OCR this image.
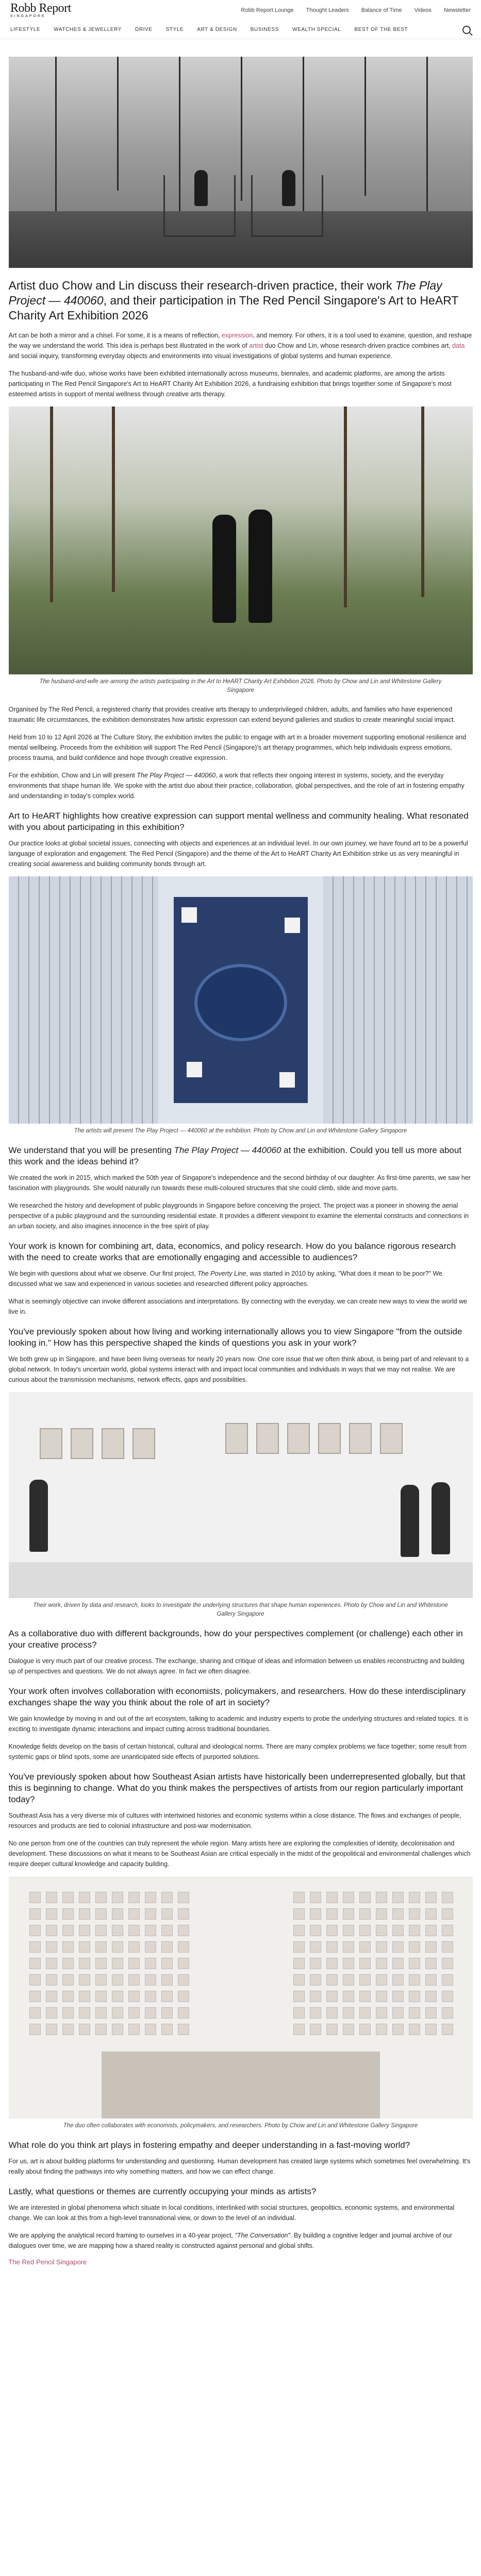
Robb Report
SINGAPORE
Robb Report Lounge Thought Leaders Balance of Time Videos Newsletter
LIFESTYLE	WATCHES & JEWELLERY	DRIVE	STYLE	ART & DESIGN	BUSINESS	WEALTH SPECIAL	BEST OF THE BEST
Artist duo Chow and Lin discuss their research-driven practice, their work The Play Project — 440060, and their participation in The Red Pencil Singapore's Art to HeART Charity Art Exhibition 2026

Art can be both a mirror and a chisel. For some, it is a means of reflection, expression, and memory. For others, it is a tool used to examine, question, and reshape the way we understand the world. This idea is perhaps best illustrated in the work of artist duo Chow and Lin, whose research-driven practice combines art, data and social inquiry, transforming everyday objects and environments into visual investigations of global systems and human experience.

The husband-and-wife duo, whose works have been exhibited internationally across museums, biennales, and academic platforms, are among the artists participating in The Red Pencil Singapore's Art to HeART Charity Art Exhibition 2026, a fundraising exhibition that brings together some of Singapore's most esteemed artists in support of mental wellness through creative arts therapy.

The husband-and-wife are among the artists participating in the Art to HeART Charity Art Exhibition 2026. Photo by Chow and Lin and Whitestone Gallery Singapore

Organised by The Red Pencil, a registered charity that provides creative arts therapy to underprivileged children, adults, and families who have experienced traumatic life circumstances, the exhibition demonstrates how artistic expression can extend beyond galleries and studios to create meaningful social impact.

Held from 10 to 12 April 2026 at The Culture Story, the exhibition invites the public to engage with art in a broader movement supporting emotional resilience and mental wellbeing. Proceeds from the exhibition will support The Red Pencil (Singapore)'s art therapy programmes, which help individuals express emotions, process trauma, and build confidence and hope through creative expression.

For the exhibition, Chow and Lin will present The Play Project — 440060, a work that reflects their ongoing interest in systems, society, and the everyday environments that shape human life. We spoke with the artist duo about their practice, collaboration, global perspectives, and the role of art in fostering empathy and understanding in today's complex world.

Art to HeART highlights how creative expression can support mental wellness and community healing. What resonated with you about participating in this exhibition?

Our practice looks at global societal issues, connecting with objects and experiences at an individual level. In our own journey, we have found art to be a powerful language of exploration and engagement. The Red Pencil (Singapore) and the theme of the Art to HeART Charity Art Exhibition strike us as very meaningful in creating social awareness and building community bonds through art.

The artists will present The Play Project — 440060 at the exhibition. Photo by Chow and Lin and Whitestone Gallery Singapore
We understand that you will be presenting The Play Project — 440060 at the exhibition. Could you tell us more about this work and the ideas behind it?

We created the work in 2015, which marked the 50th year of Singapore's independence and the second birthday of our daughter. As first-time parents, we saw her fascination with playgrounds. She would naturally run towards these multi-coloured structures that she could climb, slide and move parts.

We researched the history and development of public playgrounds in Singapore before conceiving the project. The project was a pioneer in showing the aerial perspective of a public playground and the surrounding residential estate. It provides a different viewpoint to examine the elemental constructs and connections in an urban society, and also imagines innocence in the free spirit of play.

Your work is known for combining art, data, economics, and policy research. How do you balance rigorous research with the need to create works that are emotionally engaging and accessible to audiences?

We begin with questions about what we observe. Our first project, The Poverty Line, was started in 2010 by asking, "What does it mean to be poor?" We discussed what we saw and experienced in various societies and researched different policy approaches.

What is seemingly objective can invoke different associations and interpretations. By connecting with the everyday, we can create new ways to view the world we live in.

You've previously spoken about how living and working internationally allows you to view Singapore "from the outside looking in." How has this perspective shaped the kinds of questions you ask in your work?

We both grew up in Singapore, and have been living overseas for nearly 20 years now. One core issue that we often think about, is being part of and relevant to a global network. In today's uncertain world, global systems interact with and impact local communities and individuals in ways that we may not realise. We are curious about the transmission mechanisms, network effects, gaps and possibilities.

Their work, driven by data and research, looks to investigate the underlying structures that shape human experiences. Photo by Chow and Lin and Whitestone Gallery Singapore
As a collaborative duo with different backgrounds, how do your perspectives complement (or challenge) each other in your creative process?

Dialogue is very much part of our creative process. The exchange, sharing and critique of ideas and information between us enables reconstructing and building up of perspectives and questions. We do not always agree. In fact we often disagree.

Your work often involves collaboration with economists, policymakers, and researchers. How do these interdisciplinary exchanges shape the way you think about the role of art in society?

We gain knowledge by moving in and out of the art ecosystem, talking to academic and industry experts to probe the underlying structures and related topics. It is exciting to investigate dynamic interactions and impact cutting across traditional boundaries.

Knowledge fields develop on the basis of certain historical, cultural and ideological norms. There are many complex problems we face together; some result from systemic gaps or blind spots, some are unanticipated side effects of purported solutions.

You've previously spoken about how Southeast Asian artists have historically been underrepresented globally, but that this is beginning to change. What do you think makes the perspectives of artists from our region particularly important today?

Southeast Asia has a very diverse mix of cultures with intertwined histories and economic systems within a close distance. The flows and exchanges of people, resources and products are tied to colonial infrastructure and post-war modernisation.

No one person from one of the countries can truly represent the whole region. Many artists here are exploring the complexities of identity, decolonisation and development. These discussions on what it means to be Southeast Asian are critical especially in the midst of the geopolitical and environmental challenges which require deeper cultural knowledge and capacity building.

The duo often collaborates with economists, policymakers, and researchers. Photo by Chow and Lin and Whitestone Gallery Singapore
What role do you think art plays in fostering empathy and deeper understanding in a fast-moving world?

For us, art is about building platforms for understanding and questioning. Human development has created large systems which sometimes feel overwhelming. It's really about finding the pathways into why something matters, and how we can effect change.

Lastly, what questions or themes are currently occupying your minds as artists?

We are interested in global phenomena which situate in local conditions, interlinked with social structures, geopolitics, economic systems, and environmental change. We can look at this from a high-level transnational view, or down to the level of an individual.

We are applying the analytical record framing to ourselves in a 40-year project, "The Conversation". By building a cognitive ledger and journal archive of our dialogues over time, we are mapping how a shared reality is constructed against personal and global shifts.

The Red Pencil Singapore
